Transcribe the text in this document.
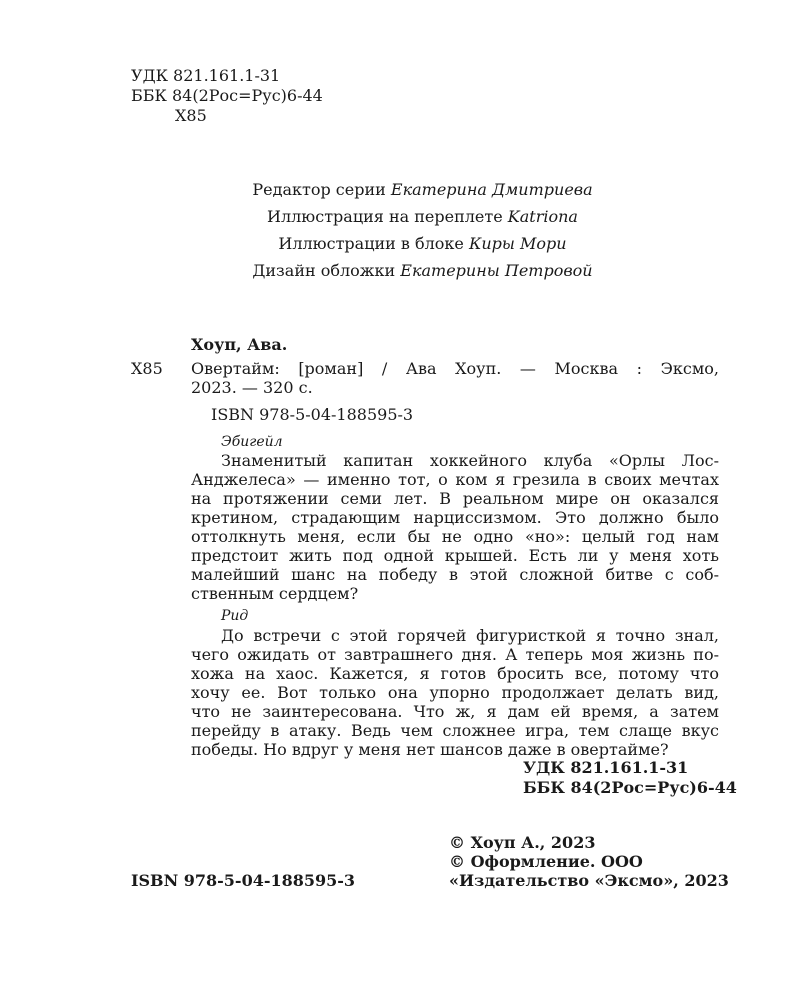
УДК 821.161.1-31
ББК 84(2Рос=Рус)6-44
Х85
Редактор серии Екатерина Дмитриева
Иллюстрация на переплете Katriona
Иллюстрации в блоке Киры Мори
Дизайн обложки Екатерины Петровой
Хоуп, Ава.
Х85 Овертайм: [роман] / Ава Хоуп. — Москва : Эксмо,
2023. — 320 с.
ISBN 978-5-04-188595-3
Эбигейл
Знаменитый капитан хоккейного клуба «Орлы Лос-
Анджелеса» — именно тот, о ком я грезила в своих мечтах
на протяжении семи лет. В реальном мире он оказался
кретином, страдающим нарциссизмом. Это должно было
оттолкнуть меня, если бы не одно «но»: целый год нам
предстоит жить под одной крышей. Есть ли у меня хоть
малейший шанс на победу в этой сложной битве с соб-
ственным сердцем?
Рид
До встречи с этой горячей фигуристкой я точно знал,
чего ожидать от завтрашнего дня. А теперь моя жизнь по-
хожа на хаос. Кажется, я готов бросить все, потому что
хочу ее. Вот только она упорно продолжает делать вид,
что не заинтересована. Что ж, я дам ей время, а затем
перейду в атаку. Ведь чем сложнее игра, тем слаще вкус
победы. Но вдруг у меня нет шансов даже в овертайме?
УДК 821.161.1-31
ББК 84(2Рос=Рус)6-44
© Хоуп А., 2023
© Оформление. ООО
«Издательство «Эксмо», 2023
ISBN 978-5-04-188595-3
